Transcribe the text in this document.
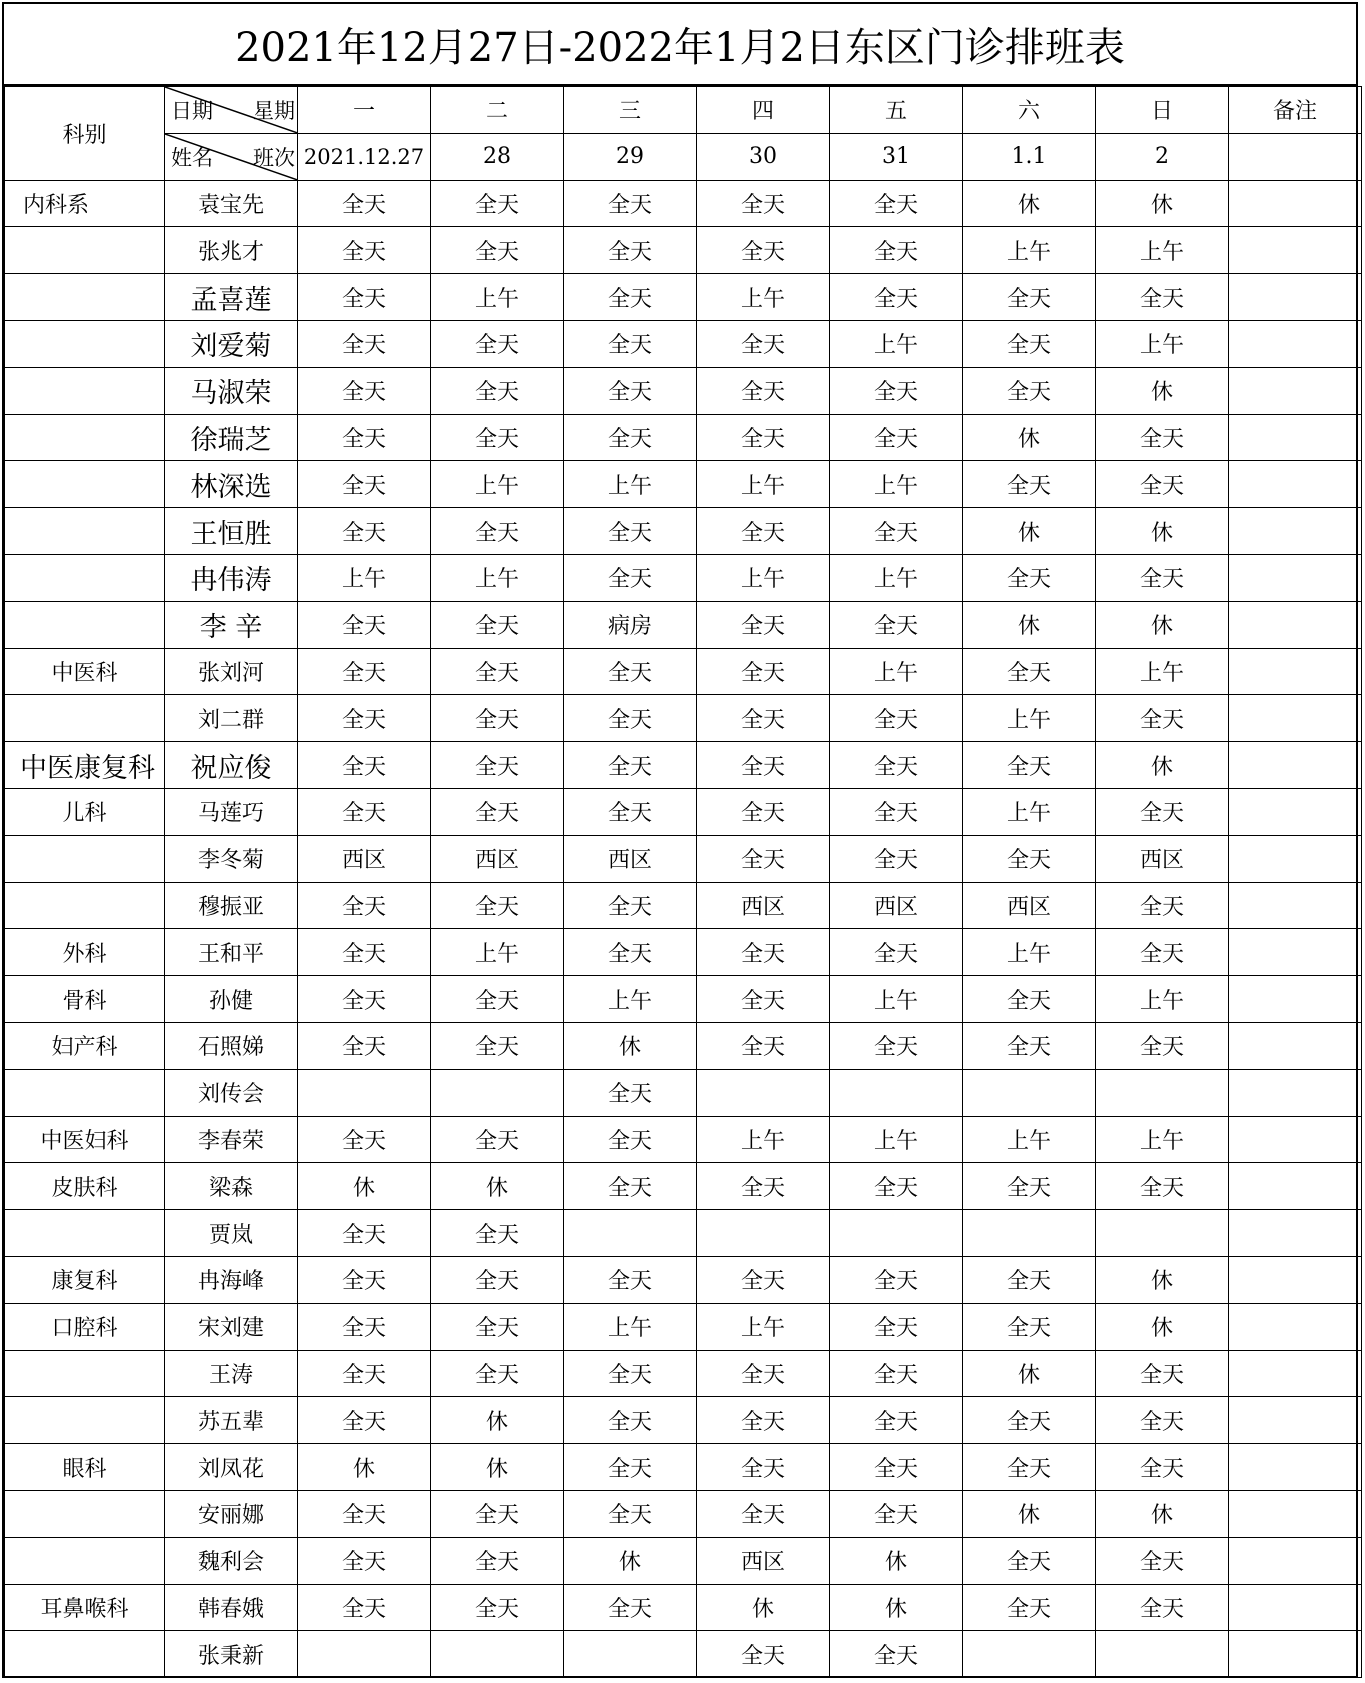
2021年12月27日-2022年1月2日东区门诊排班表
科别	日期 星期	一	二	三	四	五	六	日	备注

	姓名 班次	2021.12.27	28	29	30	31	1.1	2	
内科系	袁宝先	全天	全天	全天	全天	全天	休	休	
	张兆才	全天	全天	全天	全天	全天	上午	上午	
	孟喜莲	全天	上午	全天	上午	全天	全天	全天	
	刘爱菊	全天	全天	全天	全天	上午	全天	上午	
	马淑荣	全天	全天	全天	全天	全天	全天	休	
	徐瑞芝	全天	全天	全天	全天	全天	休	全天	
	林深选	全天	上午	上午	上午	上午	全天	全天	
	王恒胜	全天	全天	全天	全天	全天	休	休	
	冉伟涛	上午	上午	全天	上午	上午	全天	全天	
	李 辛	全天	全天	病房	全天	全天	休	休	
中医科	张刘河	全天	全天	全天	全天	上午	全天	上午	
	刘二群	全天	全天	全天	全天	全天	上午	全天	
中医康复科	祝应俊	全天	全天	全天	全天	全天	全天	休	
儿科	马莲巧	全天	全天	全天	全天	全天	上午	全天	
	李冬菊	西区	西区	西区	全天	全天	全天	西区	
	穆振亚	全天	全天	全天	西区	西区	西区	全天	
外科	王和平	全天	上午	全天	全天	全天	上午	全天	
骨科	孙健	全天	全天	上午	全天	上午	全天	上午	
妇产科	石照娣	全天	全天	休	全天	全天	全天	全天	
	刘传会			全天					
中医妇科	李春荣	全天	全天	全天	上午	上午	上午	上午	
皮肤科	梁森	休	休	全天	全天	全天	全天	全天	
	贾岚	全天	全天						
康复科	冉海峰	全天	全天	全天	全天	全天	全天	休	
口腔科	宋刘建	全天	全天	上午	上午	全天	全天	休	
	王涛	全天	全天	全天	全天	全天	休	全天	
	苏五辈	全天	休	全天	全天	全天	全天	全天	
眼科	刘凤花	休	休	全天	全天	全天	全天	全天	
	安丽娜	全天	全天	全天	全天	全天	休	休	
	魏利会	全天	全天	休	西区	休	全天	全天	
耳鼻喉科	韩春娥	全天	全天	全天	休	休	全天	全天	
	张秉新				全天	全天			
